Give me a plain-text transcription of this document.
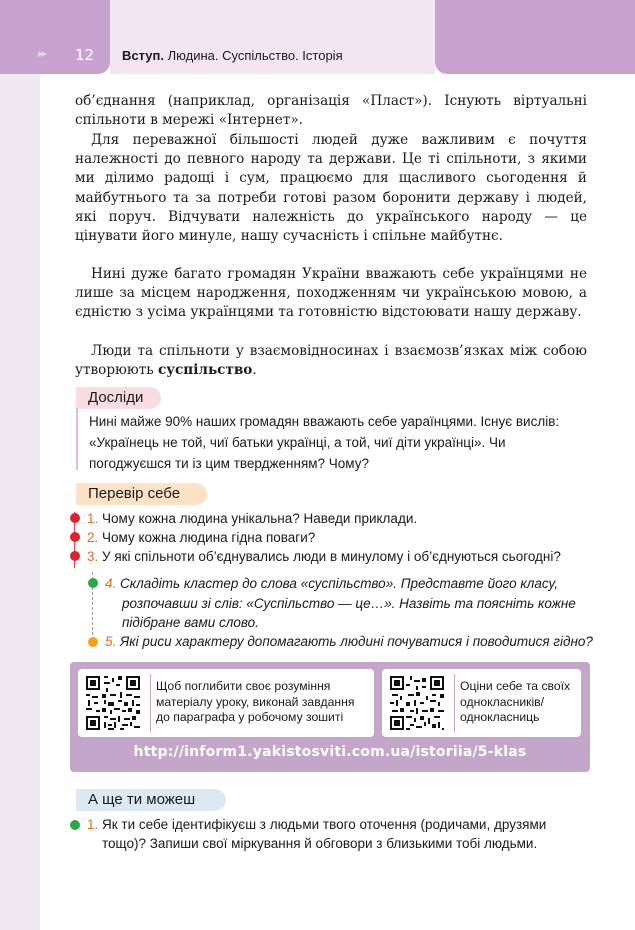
▸▸ 12 Вступ. Людина. Суспільство. Історія

об’єднання (наприклад, організація «Пласт»). Існують віртуальні спільноти в мережі «Інтернет».

Для переважної більшості людей дуже важливим є почуття належності до певного народу та держави. Це ті спільноти, з якими ми ділимо радощі і сум, працюємо для щасливого сьогодення й майбутнього та за потреби готові разом боронити державу і людей, які поруч. Відчувати належність до українського народу — це цінувати його минуле, нашу сучасність і спільне майбутнє.

Нині дуже багато громадян України вважають себе українцями не лише за місцем народження, походженням чи українською мовою, а єдністю з усіма українцями та готовністю відстоювати нашу державу.

Люди та спільноти у взаємовідносинах і взаємозв’язках між собою утворюють суспільство.

Досліди

Нині майже 90% наших громадян вважають себе уараїнцями. Існує вислів: «Українець не той, чиї батьки українці, а той, чиї діти українці». Чи погоджуєшся ти із цим твердженням? Чому?

Перевір себе
1. Чому кожна людина унікальна? Наведи приклади.
2. Чому кожна людина гідна поваги?
3. У які спільноти об’єднувались люди в минулому і об’єднуються сьогодні?
4. Складіть кластер до слова «суспільство». Представте його класу,
розпочавши зі слів: «Суспільство — це…». Назвіть та поясніть кожне
підібране вами слово.
5. Які риси характеру допомагають людині почуватися і поводитися гідно?
Щоб поглибити своє розуміння матеріалу уроку, виконай завдання до параграфа у робочому зошиті
Оціни себе та своїх однокласників/ однокласниць
http://inform1.yakistosviti.com.ua/istoriia/5-klas
А ще ти можеш
1. Як ти себе ідентифікуєш з людьми твого оточення (родичами, друзями
тощо)? Запиши свої міркування й обговори з близькими тобі людьми.
